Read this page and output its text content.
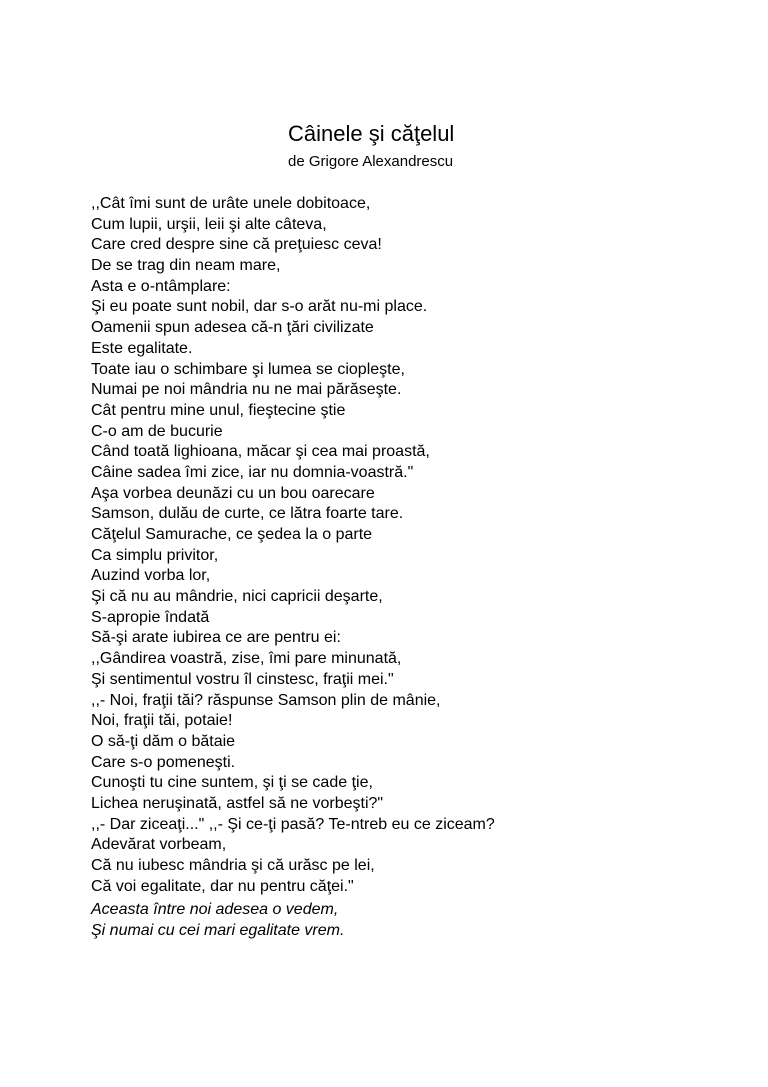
Câinele şi căţelul
de Grigore Alexandrescu
,,Cât îmi sunt de urâte unele dobitoace,
Cum lupii, urşii, leii şi alte câteva,
Care cred despre sine că preţuiesc ceva!
De se trag din neam mare,
Asta e o-ntâmplare:
Şi eu poate sunt nobil, dar s-o arăt nu-mi place.
Oamenii spun adesea că-n ţări civilizate
Este egalitate.
Toate iau o schimbare şi lumea se ciopleşte,
Numai pe noi mândria nu ne mai părăseşte.
Cât pentru mine unul, fieştecine ştie
C-o am de bucurie
Când toată lighioana, măcar şi cea mai proastă,
Câine sadea îmi zice, iar nu domnia-voastră."
Aşa vorbea deunăzi cu un bou oarecare
Samson, dulău de curte, ce lătra foarte tare.
Căţelul Samurache, ce şedea la o parte
Ca simplu privitor,
Auzind vorba lor,
Şi că nu au mândrie, nici capricii deşarte,
S-apropie îndată
Să-şi arate iubirea ce are pentru ei:
,,Gândirea voastră, zise, îmi pare minunată,
Şi sentimentul vostru îl cinstesc, fraţii mei."
,,- Noi, fraţii tăi? răspunse Samson plin de mânie,
Noi, fraţii tăi, potaie!
O să-ţi dăm o bătaie
Care s-o pomeneşti.
Cunoşti tu cine suntem, şi ţi se cade ţie,
Lichea neruşinată, astfel să ne vorbeşti?"
,,- Dar ziceaţi..." ,,- Şi ce-ţi pasă? Te-ntreb eu ce ziceam?
Adevărat vorbeam,
Că nu iubesc mândria şi că urăsc pe lei,
Că voi egalitate, dar nu pentru căţei."
Aceasta între noi adesea o vedem,
Şi numai cu cei mari egalitate vrem.
